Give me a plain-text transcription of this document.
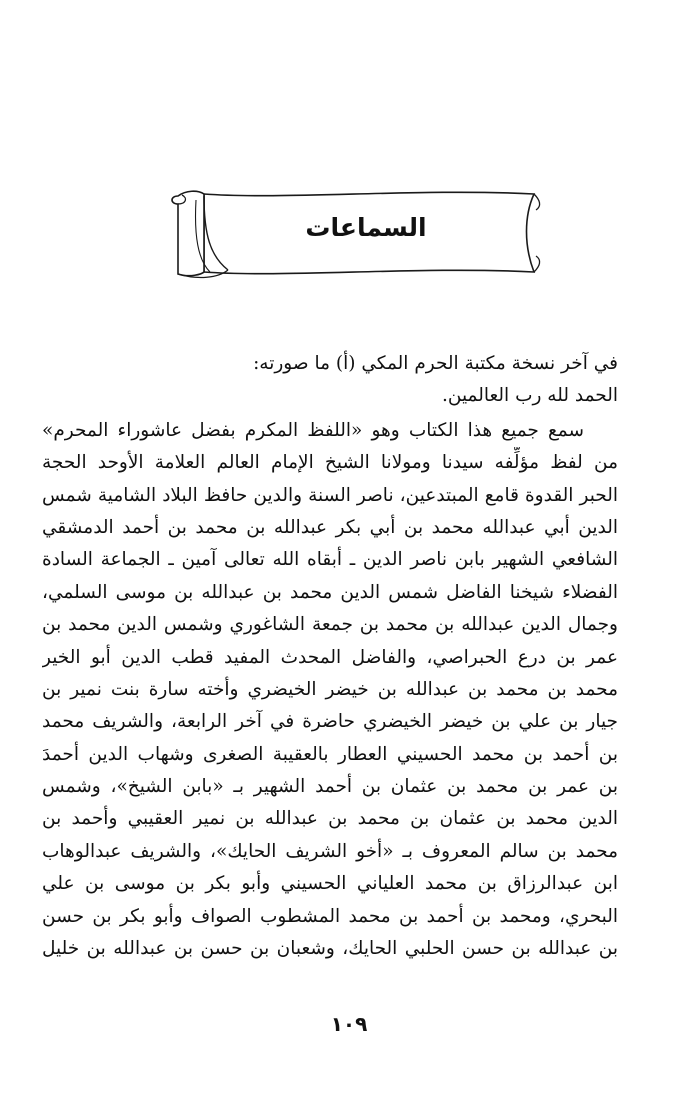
السماعات
في آخر نسخة مكتبة الحرم المكي (أ) ما صورته:
الحمد لله رب العالمين.
سمع جميع هذا الكتاب وهو «اللفظ المكرم بفضل عاشوراء المحرم»
من لفظ مؤلِّفه سيدنا ومولانا الشيخ الإمام العالم العلامة الأوحد الحجة
الحبر القدوة قامع المبتدعين، ناصر السنة والدين حافظ البلاد الشامية شمس
الدين أبي عبدالله محمد بن أبي بكر عبدالله بن محمد بن أحمد الدمشقي
الشافعي الشهير بابن ناصر الدين ـ أبقاه الله تعالى آمين ـ الجماعة السادة
الفضلاء شيخنا الفاضل شمس الدين محمد بن عبدالله بن موسى السلمي،
وجمال الدين عبدالله بن محمد بن جمعة الشاغوري وشمس الدين محمد بن
عمر بن درع الحبراصي، والفاضل المحدث المفيد قطب الدين أبو الخير
محمد بن محمد بن عبدالله بن خيضر الخيضري وأخته سارة بنت نمير بن
جيار بن علي بن خيضر الخيضري حاضرة في آخر الرابعة، والشريف محمد
بن أحمد بن محمد الحسيني العطار بالعقيبة الصغرى وشهاب الدين أحمدَ
بن عمر بن محمد بن عثمان بن أحمد الشهير بـ «بابن الشيخ»، وشمس
الدين محمد بن عثمان بن محمد بن عبدالله بن نمير العقيبي وأحمد بن
محمد بن سالم المعروف بـ «أخو الشريف الحايك»، والشريف عبدالوهاب
ابن عبدالرزاق بن محمد العلياني الحسيني وأبو بكر بن موسى بن علي
البحري، ومحمد بن أحمد بن محمد المشطوب الصواف وأبو بكر بن حسن
بن عبدالله بن حسن الحلبي الحايك، وشعبان بن حسن بن عبدالله بن خليل
١٠٩
